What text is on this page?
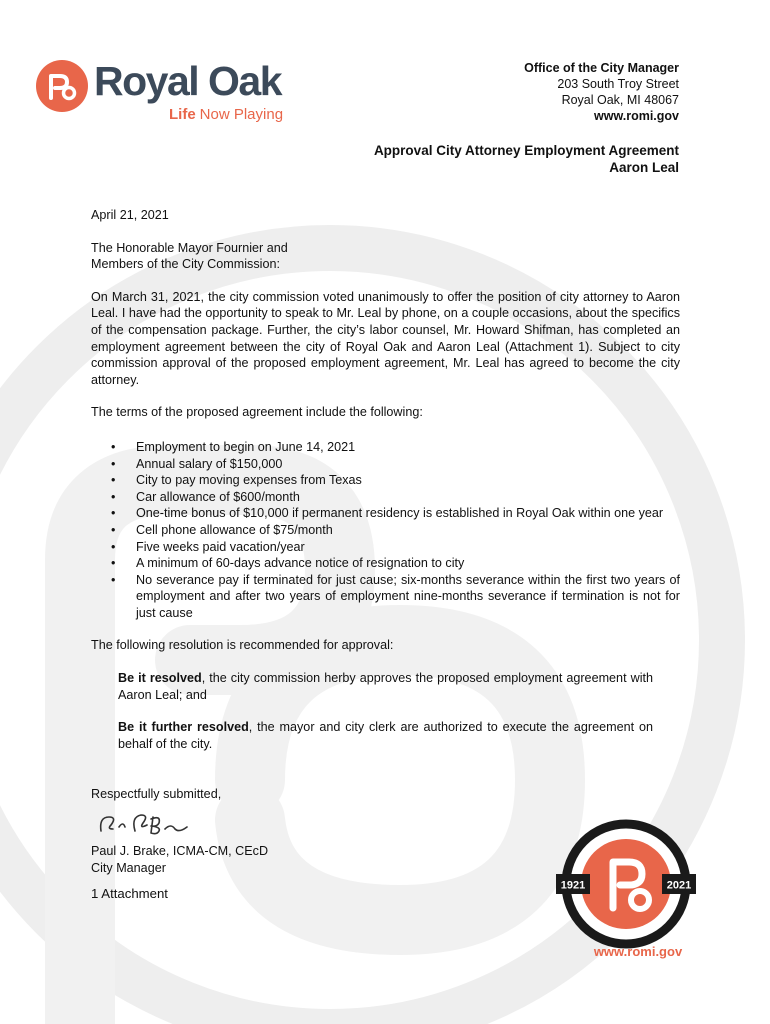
Royal Oak
Life Now Playing
Office of the City Manager
203 South Troy Street
Royal Oak, MI 48067
www.romi.gov
Approval City Attorney Employment Agreement
Aaron Leal

April 21, 2021

The Honorable Mayor Fournier and

Members of the City Commission:

On March 31, 2021, the city commission voted unanimously to offer the position of city attorney to Aaron Leal. I have had the opportunity to speak to Mr. Leal by phone, on a couple occasions, about the specifics of the compensation package. Further, the city’s labor counsel, Mr. Howard Shifman, has completed an employment agreement between the city of Royal Oak and Aaron Leal (Attachment 1). Subject to city commission approval of the proposed employment agreement, Mr. Leal has agreed to become the city attorney.

The terms of the proposed agreement include the following:

• Employment to begin on June 14, 2021
• Annual salary of $150,000
• City to pay moving expenses from Texas
• Car allowance of $600/month
• One-time bonus of $10,000 if permanent residency is established in Royal Oak within one year
• Cell phone allowance of $75/month
• Five weeks paid vacation/year
• A minimum of 60-days advance notice of resignation to city
• No severance pay if terminated for just cause; six-months severance within the first two years of employment and after two years of employment nine-months severance if termination is not for just cause

The following resolution is recommended for approval:

Be it resolved, the city commission herby approves the proposed employment agreement with Aaron Leal; and

Be it further resolved, the mayor and city clerk are authorized to execute the agreement on behalf of the city.

Respectfully submitted,

Paul J. Brake, ICMA-CM, CEcD

City Manager

1 Attachment

1921	2021
www.romi.gov
